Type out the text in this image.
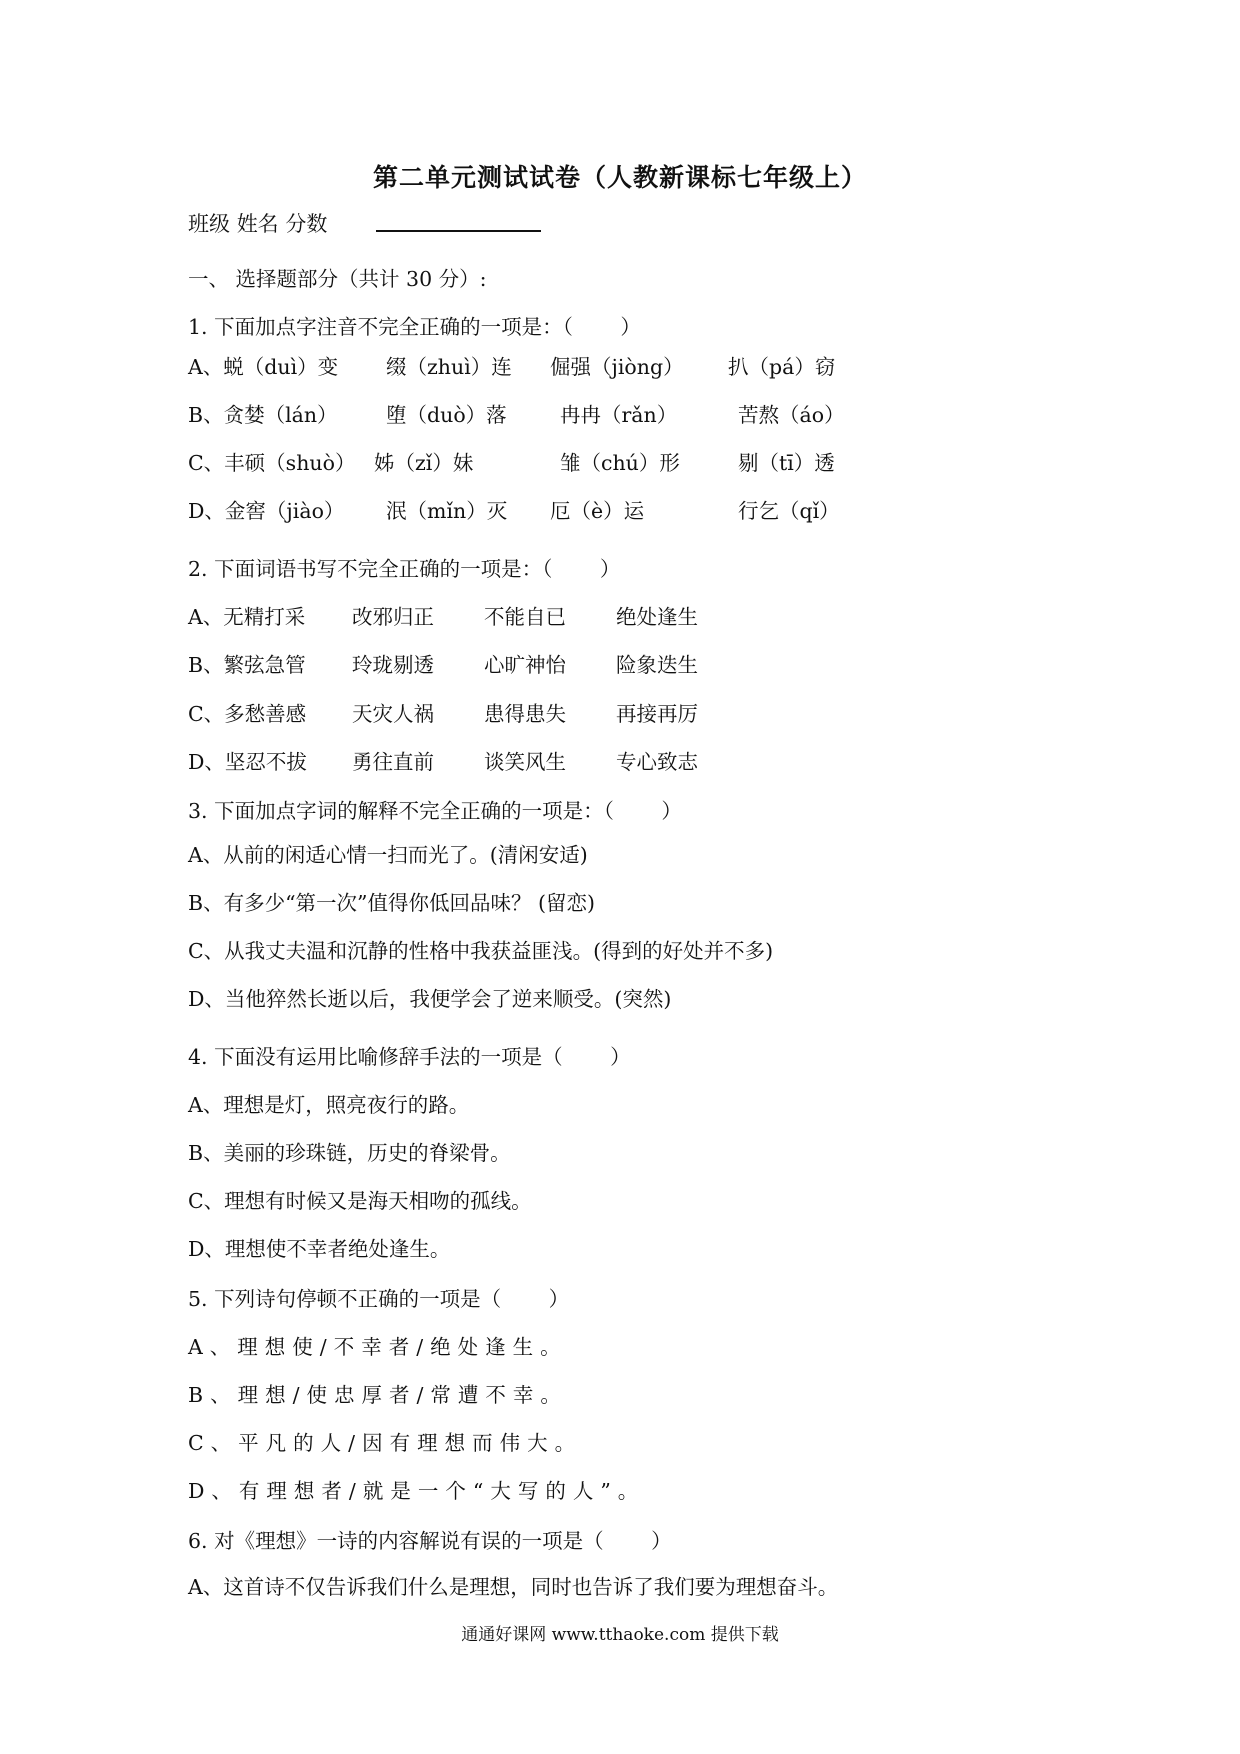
第二单元测试试卷（人教新课标七年级上）
班级 姓名 分数
一、 选择题部分（共计 30 分）:
1. 下面加点字注音不完全正确的一项是：（　　 ）
A、蜕（duì）变 缀（zhuì）连 倔强（jiòng） 扒（pá）窃
B、贪婪（lán） 堕（duò）落	冉冉（rǎn）	苦熬（áo）
C、丰硕（shuò） 姊（zǐ）妹	雏（chú）形	剔（tī）透
D、金窖（jiào） 泯（mǐn）灭 厄（è）运	行乞（qǐ）
2. 下面词语书写不完全正确的一项是：（　　 ）
A、无精打采 改邪归正 不能自已 绝处逢生
B、繁弦急管 玲珑剔透 心旷神怡 险象迭生
C、多愁善感 天灾人祸 患得患失 再接再厉
D、坚忍不拔 勇往直前 谈笑风生 专心致志
3. 下面加点字词的解释不完全正确的一项是：（　　 ）
A、从前的闲适心情一扫而光了。(清闲安适)
B、有多少“第一次”值得你低回品味？ (留恋)
C、从我丈夫温和沉静的性格中我获益匪浅。(得到的好处并不多)
D、当他猝然长逝以后，我便学会了逆来顺受。(突然)
4. 下面没有运用比喻修辞手法的一项是（　　 ）
A、理想是灯，照亮夜行的路。
B、美丽的珍珠链，历史的脊梁骨。
C、理想有时候又是海天相吻的孤线。
D、理想使不幸者绝处逢生。
5. 下列诗句停顿不正确的一项是（　　 ）
A、理想使/不幸者/绝处逢生。
B、理想/使忠厚者/常遭不幸。
C、平凡的人/因有理想而伟大。
D、有理想者/就是一个“大写的人”。
6. 对《理想》一诗的内容解说有误的一项是（　　 ）
A、这首诗不仅告诉我们什么是理想，同时也告诉了我们要为理想奋斗。
通通好课网 www.tthaoke.com 提供下载
